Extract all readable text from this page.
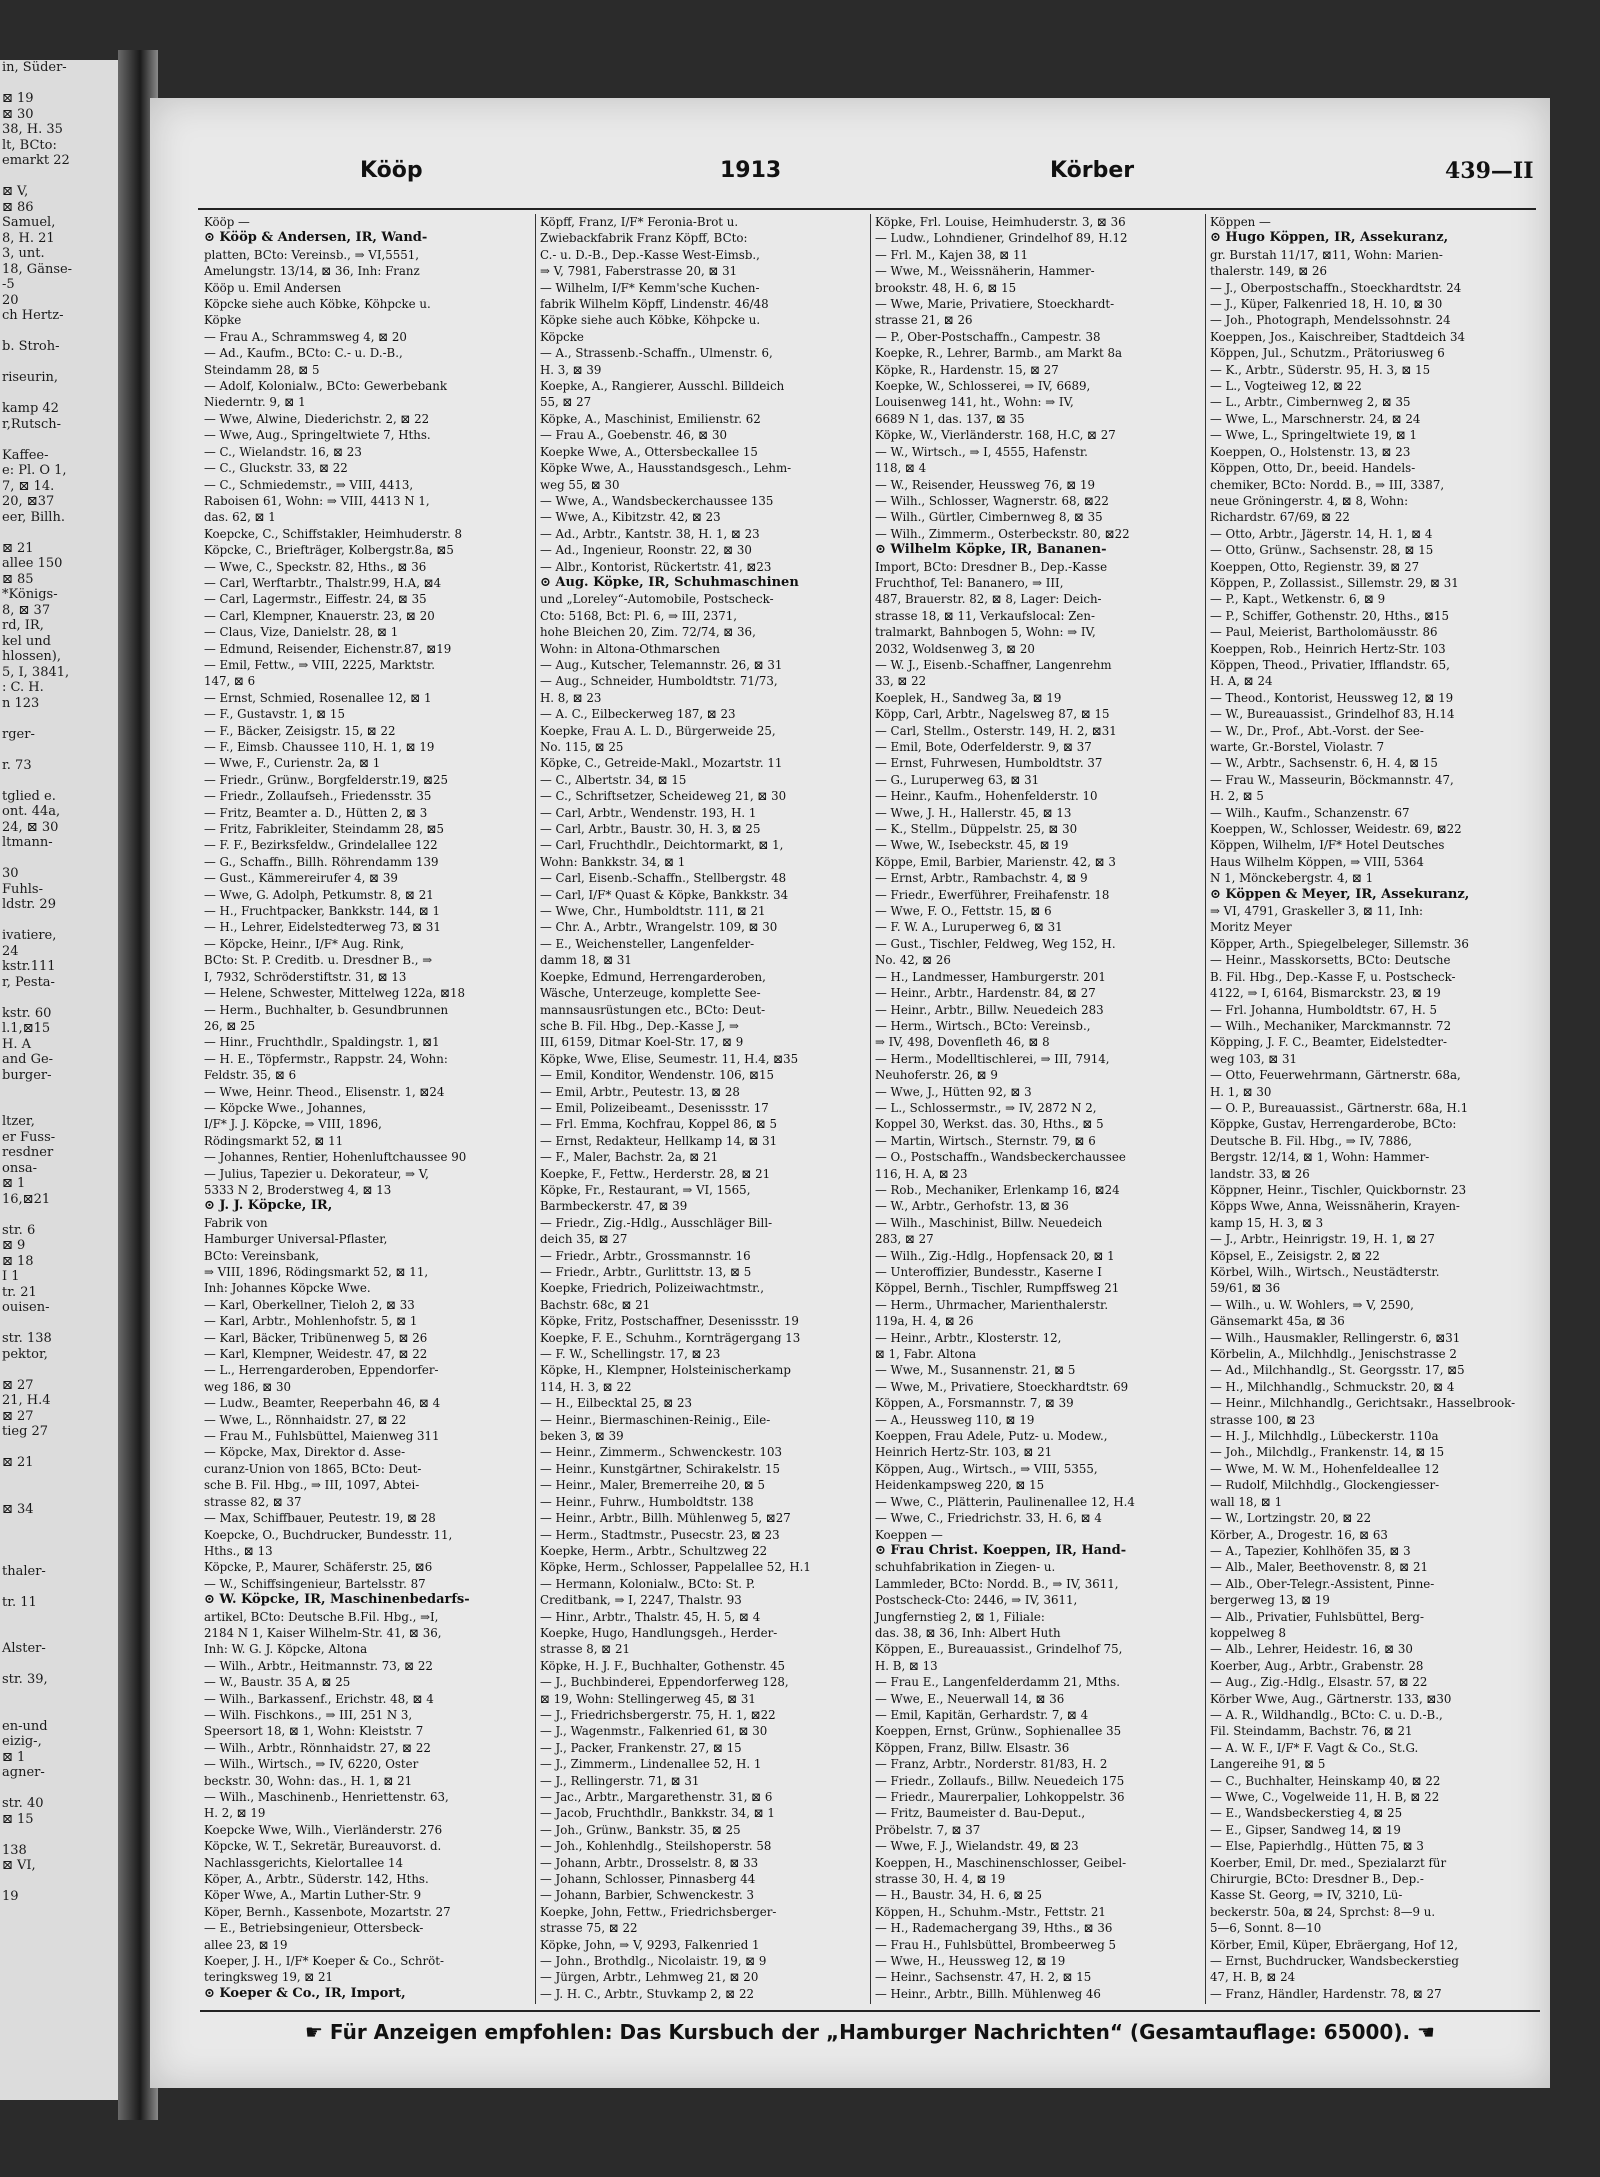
in, Süder-

⊠ 19
⊠ 30
38, H. 35
lt, BCto:
emarkt 22

⊠ V,
⊠ 86
Samuel,
8, H. 21
3, unt.
18, Gänse-
-5
20
ch Hertz-

b. Stroh-

riseurin,

kamp 42
r,Rutsch-

Kaffee-
e: Pl. O 1,
7, ⊠ 14.
20, ⊠37
eer, Billh.

⊠ 21
allee 150
⊠ 85
*Königs-
8, ⊠ 37
rd, IR,
kel und
hlossen),
5, I, 3841,
: C. H.
n 123

rger-

r. 73

tglied e.
ont. 44a,
24, ⊠ 30
ltmann-

30
Fuhls-
ldstr. 29

ivatiere,
24
kstr.111
r, Pesta-

kstr. 60
l.1,⊠15
H. A
and Ge-
burger-

ltzer,
er Fuss-
resdner
onsa-
⊠ 1
16,⊠21

str. 6
⊠ 9
⊠ 18
I 1
tr. 21
ouisen-

str. 138
pektor,

⊠ 27
21, H.4
⊠ 27
tieg 27

⊠ 21

⊠ 34

thaler-

tr. 11

Alster-

str. 39,

en-und
eizig-,
⊠ 1
agner-

str. 40
⊠ 15

138
⊠ VI,

19
Kööp	1913	Körber	439—II
Kööp —
⊙ Kööp & Andersen, IR, Wand-
platten, BCto: Vereinsb., ⇒ VI,5551,
Amelungstr. 13/14, ⊠ 36, Inh: Franz
Kööp u. Emil Andersen
Köpcke siehe auch Köbke, Köhpcke u.
Köpke
— Frau A., Schrammsweg 4, ⊠ 20
— Ad., Kaufm., BCto: C.- u. D.-B.,
Steindamm 28, ⊠ 5
— Adolf, Kolonialw., BCto: Gewerbebank
Niederntr. 9, ⊠ 1
— Wwe, Alwine, Diederichstr. 2, ⊠ 22
— Wwe, Aug., Springeltwiete 7, Hths.
— C., Wielandstr. 16, ⊠ 23
— C., Gluckstr. 33, ⊠ 22
— C., Schmiedemstr., ⇒ VIII, 4413,
Raboisen 61, Wohn: ⇒ VIII, 4413 N 1,
das. 62, ⊠ 1
Koepcke, C., Schiffstakler, Heimhuderstr. 8
Köpcke, C., Briefträger, Kolbergstr.8a, ⊠5
— Wwe, C., Speckstr. 82, Hths., ⊠ 36
— Carl, Werftarbtr., Thalstr.99, H.A, ⊠4
— Carl, Lagermstr., Eiffestr. 24, ⊠ 35
— Carl, Klempner, Knauerstr. 23, ⊠ 20
— Claus, Vize, Danielstr. 28, ⊠ 1
— Edmund, Reisender, Eichenstr.87, ⊠19
— Emil, Fettw., ⇒ VIII, 2225, Marktstr.
147, ⊠ 6
— Ernst, Schmied, Rosenallee 12, ⊠ 1
— F., Gustavstr. 1, ⊠ 15
— F., Bäcker, Zeisigstr. 15, ⊠ 22
— F., Eimsb. Chaussee 110, H. 1, ⊠ 19
— Wwe, F., Curienstr. 2a, ⊠ 1
— Friedr., Grünw., Borgfelderstr.19, ⊠25
— Friedr., Zollaufseh., Friedensstr. 35
— Fritz, Beamter a. D., Hütten 2, ⊠ 3
— Fritz, Fabrikleiter, Steindamm 28, ⊠5
— F. F., Bezirksfeldw., Grindelallee 122
— G., Schaffn., Billh. Röhrendamm 139
— Gust., Kämmereirufer 4, ⊠ 39
— Wwe, G. Adolph, Petkumstr. 8, ⊠ 21
— H., Fruchtpacker, Bankkstr. 144, ⊠ 1
— H., Lehrer, Eidelstedterweg 73, ⊠ 31
— Köpcke, Heinr., I/F* Aug. Rink,
BCto: St. P. Creditb. u. Dresdner B., ⇒
I, 7932, Schröderstiftstr. 31, ⊠ 13
— Helene, Schwester, Mittelweg 122a, ⊠18
— Herm., Buchhalter, b. Gesundbrunnen
26, ⊠ 25
— Hinr., Fruchthdlr., Spaldingstr. 1, ⊠1
— H. E., Töpfermstr., Rappstr. 24, Wohn:
Feldstr. 35, ⊠ 6
— Wwe, Heinr. Theod., Elisenstr. 1, ⊠24
— Köpcke Wwe., Johannes,
I/F* J. J. Köpcke, ⇒ VIII, 1896,
Rödingsmarkt 52, ⊠ 11
— Johannes, Rentier, Hohenluftchaussee 90
— Julius, Tapezier u. Dekorateur, ⇒ V,
5333 N 2, Broderstweg 4, ⊠ 13
⊙ J. J. Köpcke, IR,
Fabrik von
Hamburger Universal-Pflaster,
BCto: Vereinsbank,
⇒ VIII, 1896, Rödingsmarkt 52, ⊠ 11,
Inh: Johannes Köpcke Wwe.
— Karl, Oberkellner, Tieloh 2, ⊠ 33
— Karl, Arbtr., Mohlenhofstr. 5, ⊠ 1
— Karl, Bäcker, Tribünenweg 5, ⊠ 26
— Karl, Klempner, Weidestr. 47, ⊠ 22
— L., Herrengarderoben, Eppendorfer-
weg 186, ⊠ 30
— Ludw., Beamter, Reeperbahn 46, ⊠ 4
— Wwe, L., Rönnhaidstr. 27, ⊠ 22
— Frau M., Fuhlsbüttel, Maienweg 311
— Köpcke, Max, Direktor d. Asse-
curanz-Union von 1865, BCto: Deut-
sche B. Fil. Hbg., ⇒ III, 1097, Abtei-
strasse 82, ⊠ 37
— Max, Schiffbauer, Peutestr. 19, ⊠ 28
Koepcke, O., Buchdrucker, Bundesstr. 11,
Hths., ⊠ 13
Köpcke, P., Maurer, Schäferstr. 25, ⊠6
— W., Schiffsingenieur, Bartelsstr. 87
⊙ W. Köpcke, IR, Maschinenbedarfs-
artikel, BCto: Deutsche B.Fil. Hbg., ⇒I,
2184 N 1, Kaiser Wilhelm-Str. 41, ⊠ 36,
Inh: W. G. J. Köpcke, Altona
— Wilh., Arbtr., Heitmannstr. 73, ⊠ 22
— W., Baustr. 35 A, ⊠ 25
— Wilh., Barkassenf., Erichstr. 48, ⊠ 4
— Wilh. Fischkons., ⇒ III, 251 N 3,
Speersort 18, ⊠ 1, Wohn: Kleiststr. 7
— Wilh., Arbtr., Rönnhaidstr. 27, ⊠ 22
— Wilh., Wirtsch., ⇒ IV, 6220, Oster
beckstr. 30, Wohn: das., H. 1, ⊠ 21
— Wilh., Maschinenb., Henriettenstr. 63,
H. 2, ⊠ 19
Koepcke Wwe, Wilh., Vierländerstr. 276
Köpcke, W. T., Sekretär, Bureauvorst. d.
Nachlassgerichts, Kielortallee 14
Köper, A., Arbtr., Süderstr. 142, Hths.
Köper Wwe, A., Martin Luther-Str. 9
Köper, Bernh., Kassenbote, Mozartstr. 27
— E., Betriebsingenieur, Ottersbeck-
allee 23, ⊠ 19
Koeper, J. H., I/F* Koeper & Co., Schröt-
teringksweg 19, ⊠ 21
⊙ Koeper & Co., IR, Import,
Köpff, Franz, I/F* Feronia-Brot u.
Zwiebackfabrik Franz Köpff, BCto:
C.- u. D.-B., Dep.-Kasse West-Eimsb.,
⇒ V, 7981, Faberstrasse 20, ⊠ 31
— Wilhelm, I/F* Kemm'sche Kuchen-
fabrik Wilhelm Köpff, Lindenstr. 46/48
Köpke siehe auch Köbke, Köhpcke u.
Köpcke
— A., Strassenb.-Schaffn., Ulmenstr. 6,
H. 3, ⊠ 39
Koepke, A., Rangierer, Ausschl. Billdeich
55, ⊠ 27
Köpke, A., Maschinist, Emilienstr. 62
— Frau A., Goebenstr. 46, ⊠ 30
Koepke Wwe, A., Ottersbeckallee 15
Köpke Wwe, A., Hausstandsgesch., Lehm-
weg 55, ⊠ 30
— Wwe, A., Wandsbeckerchaussee 135
— Wwe, A., Kibitzstr. 42, ⊠ 23
— Ad., Arbtr., Kantstr. 38, H. 1, ⊠ 23
— Ad., Ingenieur, Roonstr. 22, ⊠ 30
— Albr., Kontorist, Rückertstr. 41, ⊠23
⊙ Aug. Köpke, IR, Schuhmaschinen
und „Loreley“-Automobile, Postscheck-
Cto: 5168, Bct: Pl. 6, ⇒ III, 2371,
hohe Bleichen 20, Zim. 72/74, ⊠ 36,
Wohn: in Altona-Othmarschen
— Aug., Kutscher, Telemannstr. 26, ⊠ 31
— Aug., Schneider, Humboldtstr. 71/73,
H. 8, ⊠ 23
— A. C., Eilbeckerweg 187, ⊠ 23
Koepke, Frau A. L. D., Bürgerweide 25,
No. 115, ⊠ 25
Köpke, C., Getreide-Makl., Mozartstr. 11
— C., Albertstr. 34, ⊠ 15
— C., Schriftsetzer, Scheideweg 21, ⊠ 30
— Carl, Arbtr., Wendenstr. 193, H. 1
— Carl, Arbtr., Baustr. 30, H. 3, ⊠ 25
— Carl, Fruchthdlr., Deichtormarkt, ⊠ 1,
Wohn: Bankkstr. 34, ⊠ 1
— Carl, Eisenb.-Schaffn., Stellbergstr. 48
— Carl, I/F* Quast & Köpke, Bankkstr. 34
— Wwe, Chr., Humboldtstr. 111, ⊠ 21
— Chr. A., Arbtr., Wrangelstr. 109, ⊠ 30
— E., Weichensteller, Langenfelder-
damm 18, ⊠ 31
Koepke, Edmund, Herrengarderoben,
Wäsche, Unterzeuge, komplette See-
mannsausrüstungen etc., BCto: Deut-
sche B. Fil. Hbg., Dep.-Kasse J, ⇒
III, 6159, Ditmar Koel-Str. 17, ⊠ 9
Köpke, Wwe, Elise, Seumestr. 11, H.4, ⊠35
— Emil, Konditor, Wendenstr. 106, ⊠15
— Emil, Arbtr., Peutestr. 13, ⊠ 28
— Emil, Polizeibeamt., Desenissstr. 17
— Frl. Emma, Kochfrau, Koppel 86, ⊠ 5
— Ernst, Redakteur, Hellkamp 14, ⊠ 31
— F., Maler, Bachstr. 2a, ⊠ 21
Koepke, F., Fettw., Herderstr. 28, ⊠ 21
Köpke, Fr., Restaurant, ⇒ VI, 1565,
Barmbeckerstr. 47, ⊠ 39
— Friedr., Zig.-Hdlg., Ausschläger Bill-
deich 35, ⊠ 27
— Friedr., Arbtr., Grossmannstr. 16
— Friedr., Arbtr., Gurlittstr. 13, ⊠ 5
Koepke, Friedrich, Polizeiwachtmstr.,
Bachstr. 68c, ⊠ 21
Köpke, Fritz, Postschaffner, Desenissstr. 19
Koepke, F. E., Schuhm., Kornträgergang 13
— F. W., Schellingstr. 17, ⊠ 23
Köpke, H., Klempner, Holsteinischerkamp
114, H. 3, ⊠ 22
— H., Eilbecktal 25, ⊠ 23
— Heinr., Biermaschinen-Reinig., Eile-
beken 3, ⊠ 39
— Heinr., Zimmerm., Schwenckestr. 103
— Heinr., Kunstgärtner, Schirakelstr. 15
— Heinr., Maler, Bremerreihe 20, ⊠ 5
— Heinr., Fuhrw., Humboldtstr. 138
— Heinr., Arbtr., Billh. Mühlenweg 5, ⊠27
— Herm., Stadtmstr., Pusecstr. 23, ⊠ 23
Koepke, Herm., Arbtr., Schultzweg 22
Köpke, Herm., Schlosser, Pappelallee 52, H.1
— Hermann, Kolonialw., BCto: St. P.
Creditbank, ⇒ I, 2247, Thalstr. 93
— Hinr., Arbtr., Thalstr. 45, H. 5, ⊠ 4
Koepke, Hugo, Handlungsgeh., Herder-
strasse 8, ⊠ 21
Köpke, H. J. F., Buchhalter, Gothenstr. 45
— J., Buchbinderei, Eppendorferweg 128,
⊠ 19, Wohn: Stellingerweg 45, ⊠ 31
— J., Friedrichsbergerstr. 75, H. 1, ⊠22
— J., Wagenmstr., Falkenried 61, ⊠ 30
— J., Packer, Frankenstr. 27, ⊠ 15
— J., Zimmerm., Lindenallee 52, H. 1
— J., Rellingerstr. 71, ⊠ 31
— Jac., Arbtr., Margarethenstr. 31, ⊠ 6
— Jacob, Fruchthdlr., Bankkstr. 34, ⊠ 1
— Joh., Grünw., Bankstr. 35, ⊠ 25
— Joh., Kohlenhdlg., Steilshoperstr. 58
— Johann, Arbtr., Drosselstr. 8, ⊠ 33
— Johann, Schlosser, Pinnasberg 44
— Johann, Barbier, Schwenckestr. 3
Koepke, John, Fettw., Friedrichsberger-
strasse 75, ⊠ 22
Köpke, John, ⇒ V, 9293, Falkenried 1
— John., Brothdlg., Nicolaistr. 19, ⊠ 9
— Jürgen, Arbtr., Lehmweg 21, ⊠ 20
— J. H. C., Arbtr., Stuvkamp 2, ⊠ 22
Köpke, Frl. Louise, Heimhuderstr. 3, ⊠ 36
— Ludw., Lohndiener, Grindelhof 89, H.12
— Frl. M., Kajen 38, ⊠ 11
— Wwe, M., Weissnäherin, Hammer-
brookstr. 48, H. 6, ⊠ 15
— Wwe, Marie, Privatiere, Stoeckhardt-
strasse 21, ⊠ 26
— P., Ober-Postschaffn., Campestr. 38
Koepke, R., Lehrer, Barmb., am Markt 8a
Köpke, R., Hardenstr. 15, ⊠ 27
Koepke, W., Schlosserei, ⇒ IV, 6689,
Louisenweg 141, ht., Wohn: ⇒ IV,
6689 N 1, das. 137, ⊠ 35
Köpke, W., Vierländerstr. 168, H.C, ⊠ 27
— W., Wirtsch., ⇒ I, 4555, Hafenstr.
118, ⊠ 4
— W., Reisender, Heussweg 76, ⊠ 19
— Wilh., Schlosser, Wagnerstr. 68, ⊠22
— Wilh., Gürtler, Cimbernweg 8, ⊠ 35
— Wilh., Zimmerm., Osterbeckstr. 80, ⊠22
⊙ Wilhelm Köpke, IR, Bananen-
Import, BCto: Dresdner B., Dep.-Kasse
Fruchthof, Tel: Bananero, ⇒ III,
487, Brauerstr. 82, ⊠ 8, Lager: Deich-
strasse 18, ⊠ 11, Verkaufslocal: Zen-
tralmarkt, Bahnbogen 5, Wohn: ⇒ IV,
2032, Woldsenweg 3, ⊠ 20
— W. J., Eisenb.-Schaffner, Langenrehm
33, ⊠ 22
Koeplek, H., Sandweg 3a, ⊠ 19
Köpp, Carl, Arbtr., Nagelsweg 87, ⊠ 15
— Carl, Stellm., Osterstr. 149, H. 2, ⊠31
— Emil, Bote, Oderfelderstr. 9, ⊠ 37
— Ernst, Fuhrwesen, Humboldtstr. 37
— G., Luruperweg 63, ⊠ 31
— Heinr., Kaufm., Hohenfelderstr. 10
— Wwe, J. H., Hallerstr. 45, ⊠ 13
— K., Stellm., Düppelstr. 25, ⊠ 30
— Wwe, W., Isebeckstr. 45, ⊠ 19
Köppe, Emil, Barbier, Marienstr. 42, ⊠ 3
— Ernst, Arbtr., Rambachstr. 4, ⊠ 9
— Friedr., Ewerführer, Freihafenstr. 18
— Wwe, F. O., Fettstr. 15, ⊠ 6
— F. W. A., Luruperweg 6, ⊠ 31
— Gust., Tischler, Feldweg, Weg 152, H.
No. 42, ⊠ 26
— H., Landmesser, Hamburgerstr. 201
— Heinr., Arbtr., Hardenstr. 84, ⊠ 27
— Heinr., Arbtr., Billw. Neuedeich 283
— Herm., Wirtsch., BCto: Vereinsb.,
⇒ IV, 498, Dovenfleth 46, ⊠ 8
— Herm., Modelltischlerei, ⇒ III, 7914,
Neuhoferstr. 26, ⊠ 9
— Wwe, J., Hütten 92, ⊠ 3
— L., Schlossermstr., ⇒ IV, 2872 N 2,
Koppel 30, Werkst. das. 30, Hths., ⊠ 5
— Martin, Wirtsch., Sternstr. 79, ⊠ 6
— O., Postschaffn., Wandsbeckerchaussee
116, H. A, ⊠ 23
— Rob., Mechaniker, Erlenkamp 16, ⊠24
— W., Arbtr., Gerhofstr. 13, ⊠ 36
— Wilh., Maschinist, Billw. Neuedeich
283, ⊠ 27
— Wilh., Zig.-Hdlg., Hopfensack 20, ⊠ 1
— Unteroffizier, Bundesstr., Kaserne I
Köppel, Bernh., Tischler, Rumpffsweg 21
— Herm., Uhrmacher, Marienthalerstr.
119a, H. 4, ⊠ 26
— Heinr., Arbtr., Klosterstr. 12,
⊠ 1, Fabr. Altona
— Wwe, M., Susannenstr. 21, ⊠ 5
— Wwe, M., Privatiere, Stoeckhardtstr. 69
Köppen, A., Forsmannstr. 7, ⊠ 39
— A., Heussweg 110, ⊠ 19
Koeppen, Frau Adele, Putz- u. Modew.,
Heinrich Hertz-Str. 103, ⊠ 21
Köppen, Aug., Wirtsch., ⇒ VIII, 5355,
Heidenkampsweg 220, ⊠ 15
— Wwe, C., Plätterin, Paulinenallee 12, H.4
— Wwe, C., Friedrichstr. 33, H. 6, ⊠ 4
Koeppen —
⊙ Frau Christ. Koeppen, IR, Hand-
schuhfabrikation in Ziegen- u.
Lammleder, BCto: Nordd. B., ⇒ IV, 3611,
Postscheck-Cto: 2446, ⇒ IV, 3611,
Jungfernstieg 2, ⊠ 1, Filiale:
das. 38, ⊠ 36, Inh: Albert Huth
Köppen, E., Bureauassist., Grindelhof 75,
H. B, ⊠ 13
— Frau E., Langenfelderdamm 21, Mths.
— Wwe, E., Neuerwall 14, ⊠ 36
— Emil, Kapitän, Gerhardstr. 7, ⊠ 4
Koeppen, Ernst, Grünw., Sophienallee 35
Köppen, Franz, Billw. Elsastr. 36
— Franz, Arbtr., Norderstr. 81/83, H. 2
— Friedr., Zollaufs., Billw. Neuedeich 175
— Friedr., Maurerpalier, Lohkoppelstr. 36
— Fritz, Baumeister d. Bau-Deput.,
Pröbelstr. 7, ⊠ 37
— Wwe, F. J., Wielandstr. 49, ⊠ 23
Koeppen, H., Maschinenschlosser, Geibel-
strasse 30, H. 4, ⊠ 19
— H., Baustr. 34, H. 6, ⊠ 25
Köppen, H., Schuhm.-Mstr., Fettstr. 21
— H., Rademachergang 39, Hths., ⊠ 36
— Frau H., Fuhlsbüttel, Brombeerweg 5
— Wwe, H., Heussweg 12, ⊠ 19
— Heinr., Sachsenstr. 47, H. 2, ⊠ 15
— Heinr., Arbtr., Billh. Mühlenweg 46
Köppen —
⊙ Hugo Köppen, IR, Assekuranz,
gr. Burstah 11/17, ⊠11, Wohn: Marien-
thalerstr. 149, ⊠ 26
— J., Oberpostschaffn., Stoeckhardtstr. 24
— J., Küper, Falkenried 18, H. 10, ⊠ 30
— Joh., Photograph, Mendelssohnstr. 24
Koeppen, Jos., Kaischreiber, Stadtdeich 34
Köppen, Jul., Schutzm., Prätoriusweg 6
— K., Arbtr., Süderstr. 95, H. 3, ⊠ 15
— L., Vogteiweg 12, ⊠ 22
— L., Arbtr., Cimbernweg 2, ⊠ 35
— Wwe, L., Marschnerstr. 24, ⊠ 24
— Wwe, L., Springeltwiete 19, ⊠ 1
Koeppen, O., Holstenstr. 13, ⊠ 23
Köppen, Otto, Dr., beeid. Handels-
chemiker, BCto: Nordd. B., ⇒ III, 3387,
neue Gröningerstr. 4, ⊠ 8, Wohn:
Richardstr. 67/69, ⊠ 22
— Otto, Arbtr., Jägerstr. 14, H. 1, ⊠ 4
— Otto, Grünw., Sachsenstr. 28, ⊠ 15
Koeppen, Otto, Regienstr. 39, ⊠ 27
Köppen, P., Zollassist., Sillemstr. 29, ⊠ 31
— P., Kapt., Wetkenstr. 6, ⊠ 9
— P., Schiffer, Gothenstr. 20, Hths., ⊠15
— Paul, Meierist, Bartholomäusstr. 86
Koeppen, Rob., Heinrich Hertz-Str. 103
Köppen, Theod., Privatier, Ifflandstr. 65,
H. A, ⊠ 24
— Theod., Kontorist, Heussweg 12, ⊠ 19
— W., Bureauassist., Grindelhof 83, H.14
— W., Dr., Prof., Abt.-Vorst. der See-
warte, Gr.-Borstel, Violastr. 7
— W., Arbtr., Sachsenstr. 6, H. 4, ⊠ 15
— Frau W., Masseurin, Böckmannstr. 47,
H. 2, ⊠ 5
— Wilh., Kaufm., Schanzenstr. 67
Koeppen, W., Schlosser, Weidestr. 69, ⊠22
Köppen, Wilhelm, I/F* Hotel Deutsches
Haus Wilhelm Köppen, ⇒ VIII, 5364
N 1, Mönckebergstr. 4, ⊠ 1
⊙ Köppen & Meyer, IR, Assekuranz,
⇒ VI, 4791, Graskeller 3, ⊠ 11, Inh:
Moritz Meyer
Köpper, Arth., Spiegelbeleger, Sillemstr. 36
— Heinr., Masskorsetts, BCto: Deutsche
B. Fil. Hbg., Dep.-Kasse F, u. Postscheck-
4122, ⇒ I, 6164, Bismarckstr. 23, ⊠ 19
— Frl. Johanna, Humboldtstr. 67, H. 5
— Wilh., Mechaniker, Marckmannstr. 72
Köpping, J. F. C., Beamter, Eidelstedter-
weg 103, ⊠ 31
— Otto, Feuerwehrmann, Gärtnerstr. 68a,
H. 1, ⊠ 30
— O. P., Bureauassist., Gärtnerstr. 68a, H.1
Köppke, Gustav, Herrengarderobe, BCto:
Deutsche B. Fil. Hbg., ⇒ IV, 7886,
Bergstr. 12/14, ⊠ 1, Wohn: Hammer-
landstr. 33, ⊠ 26
Köppner, Heinr., Tischler, Quickbornstr. 23
Köpps Wwe, Anna, Weissnäherin, Krayen-
kamp 15, H. 3, ⊠ 3
— J., Arbtr., Heinrigstr. 19, H. 1, ⊠ 27
Köpsel, E., Zeisigstr. 2, ⊠ 22
Körbel, Wilh., Wirtsch., Neustädterstr.
59/61, ⊠ 36
— Wilh., u. W. Wohlers, ⇒ V, 2590,
Gänsemarkt 45a, ⊠ 36
— Wilh., Hausmakler, Rellingerstr. 6, ⊠31
Körbelin, A., Milchhdlg., Jenischstrasse 2
— Ad., Milchhandlg., St. Georgsstr. 17, ⊠5
— H., Milchhandlg., Schmuckstr. 20, ⊠ 4
— Heinr., Milchhandlg., Gerichtsakr., Hasselbrook-
strasse 100, ⊠ 23
— H. J., Milchhdlg., Lübeckerstr. 110a
— Joh., Milchdlg., Frankenstr. 14, ⊠ 15
— Wwe, M. W. M., Hohenfeldeallee 12
— Rudolf, Milchhdlg., Glockengiesser-
wall 18, ⊠ 1
— W., Lortzingstr. 20, ⊠ 22
Körber, A., Drogestr. 16, ⊠ 63
— A., Tapezier, Kohlhöfen 35, ⊠ 3
— Alb., Maler, Beethovenstr. 8, ⊠ 21
— Alb., Ober-Telegr.-Assistent, Pinne-
bergerweg 13, ⊠ 19
— Alb., Privatier, Fuhlsbüttel, Berg-
koppelweg 8
— Alb., Lehrer, Heidestr. 16, ⊠ 30
Koerber, Aug., Arbtr., Grabenstr. 28
— Aug., Zig.-Hdlg., Elsastr. 57, ⊠ 22
Körber Wwe, Aug., Gärtnerstr. 133, ⊠30
— A. R., Wildhandlg., BCto: C. u. D.-B.,
Fil. Steindamm, Bachstr. 76, ⊠ 21
— A. W. F., I/F* F. Vagt & Co., St.G.
Langereihe 91, ⊠ 5
— C., Buchhalter, Heinskamp 40, ⊠ 22
— Wwe, C., Vogelweide 11, H. B, ⊠ 22
— E., Wandsbeckerstieg 4, ⊠ 25
— E., Gipser, Sandweg 14, ⊠ 19
— Else, Papierhdlg., Hütten 75, ⊠ 3
Koerber, Emil, Dr. med., Spezialarzt für
Chirurgie, BCto: Dresdner B., Dep.-
Kasse St. Georg, ⇒ IV, 3210, Lü-
beckerstr. 50a, ⊠ 24, Sprchst: 8—9 u.
5—6, Sonnt. 8—10
Körber, Emil, Küper, Ebräergang, Hof 12,
— Ernst, Buchdrucker, Wandsbeckerstieg
47, H. B, ⊠ 24
— Franz, Händler, Hardenstr. 78, ⊠ 27
☛ Für Anzeigen empfohlen: Das Kursbuch der „Hamburger Nachrichten“ (Gesamtauflage: 65000). ☚
